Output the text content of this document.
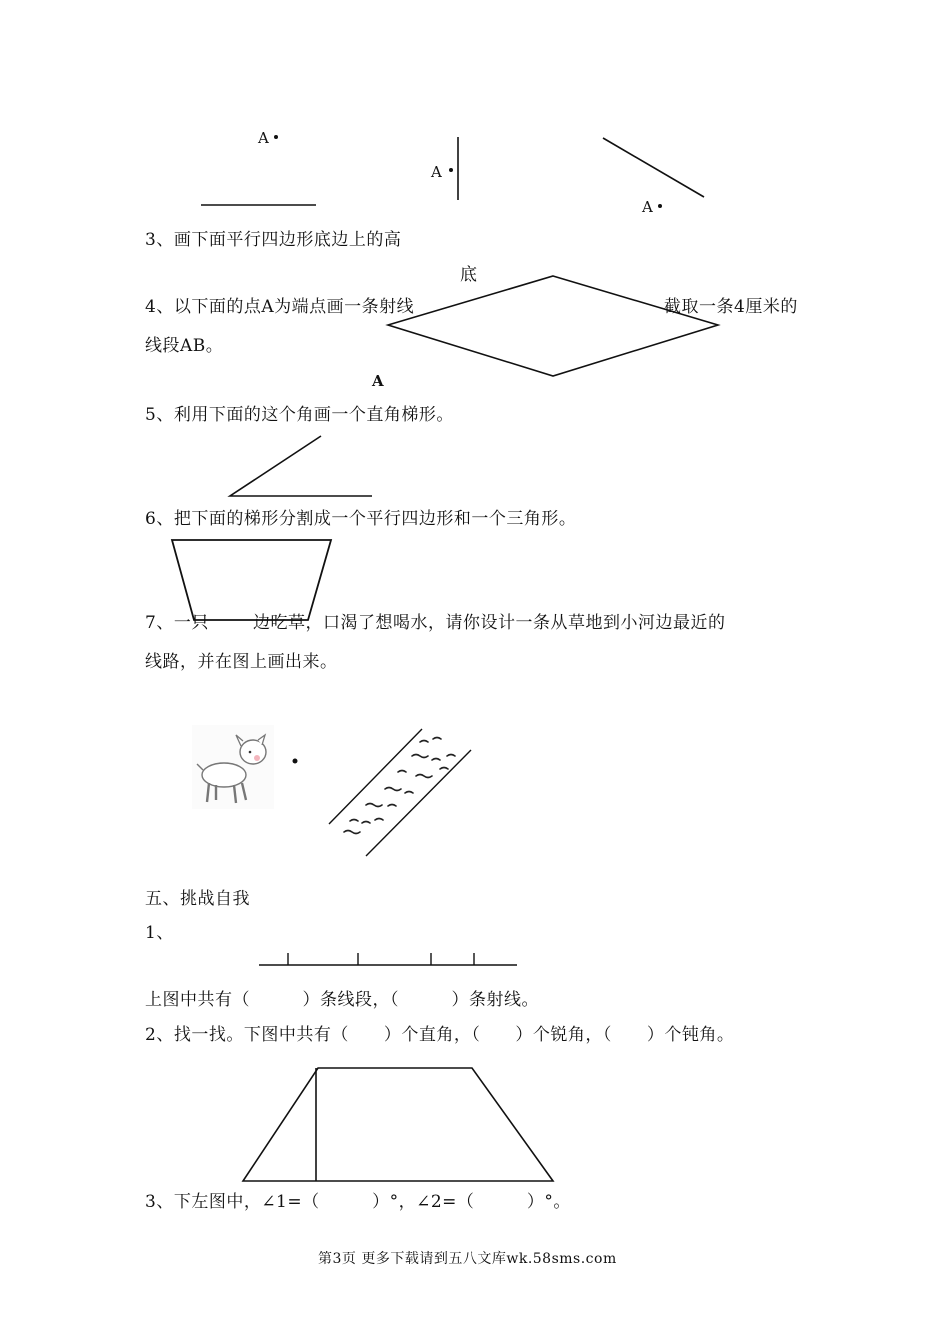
A
A
A
3、画下面平行四边形底边上的高
底
4、以下面的点A为端点画一条射线	截取一条4厘米的
线段AB。
A
5、利用下面的这个角画一个直角梯形。
6、把下面的梯形分割成一个平行四边形和一个三角形。
7、一只	边吃草，口渴了想喝水，请你设计一条从草地到小河边最近的
线路，并在图上画出来。
五、挑战自我
1、
上图中共有（　　　）条线段，（　　　）条射线。
2、找一找。下图中共有（　　）个直角，（　　）个锐角，（　　）个钝角。
3、下左图中，∠1=（　　　）°，∠2=（　　　）°。
第3页 更多下载请到五八文库wk.58sms.com
